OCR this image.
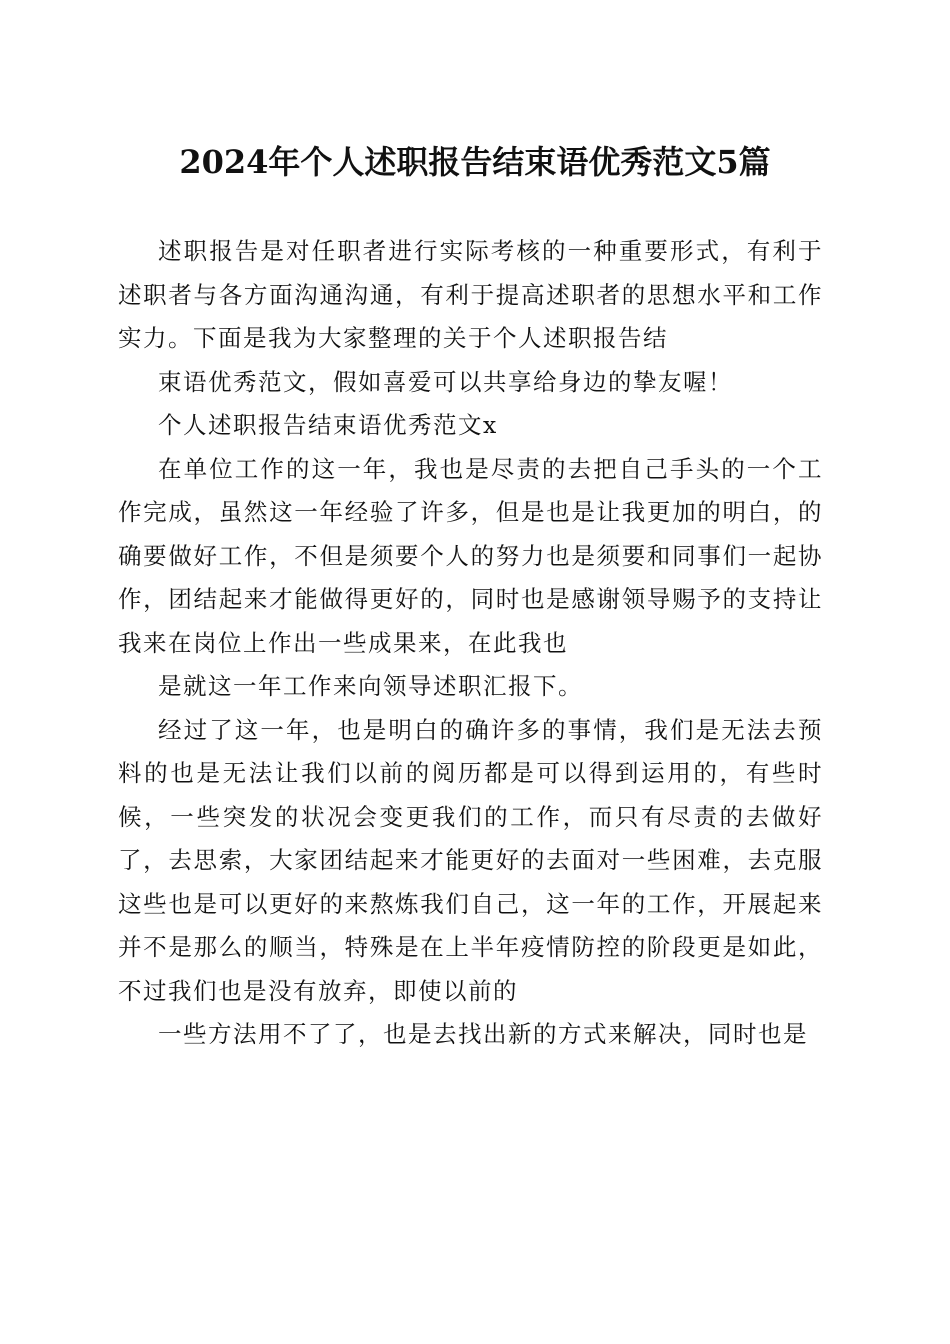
2024年个人述职报告结束语优秀范文5篇

述职报告是对任职者进行实际考核的一种重要形式，有利于述职者与各方面沟通沟通，有利于提高述职者的思想水平和工作实力。下面是我为大家整理的关于个人述职报告结

束语优秀范文，假如喜爱可以共享给身边的挚友喔！

个人述职报告结束语优秀范文x

在单位工作的这一年，我也是尽责的去把自己手头的一个工作完成，虽然这一年经验了许多，但是也是让我更加的明白，的确要做好工作，不但是须要个人的努力也是须要和同事们一起协作，团结起来才能做得更好的，同时也是感谢领导赐予的支持让我来在岗位上作出一些成果来，在此我也

是就这一年工作来向领导述职汇报下。

经过了这一年，也是明白的确许多的事情，我们是无法去预料的也是无法让我们以前的阅历都是可以得到运用的，有些时候，一些突发的状况会变更我们的工作，而只有尽责的去做好了，去思索，大家团结起来才能更好的去面对一些困难，去克服这些也是可以更好的来熬炼我们自己，这一年的工作，开展起来并不是那么的顺当，特殊是在上半年疫情防控的阶段更是如此，不过我们也是没有放弃，即使以前的

一些方法用不了了，也是去找出新的方式来解决，同时也是
